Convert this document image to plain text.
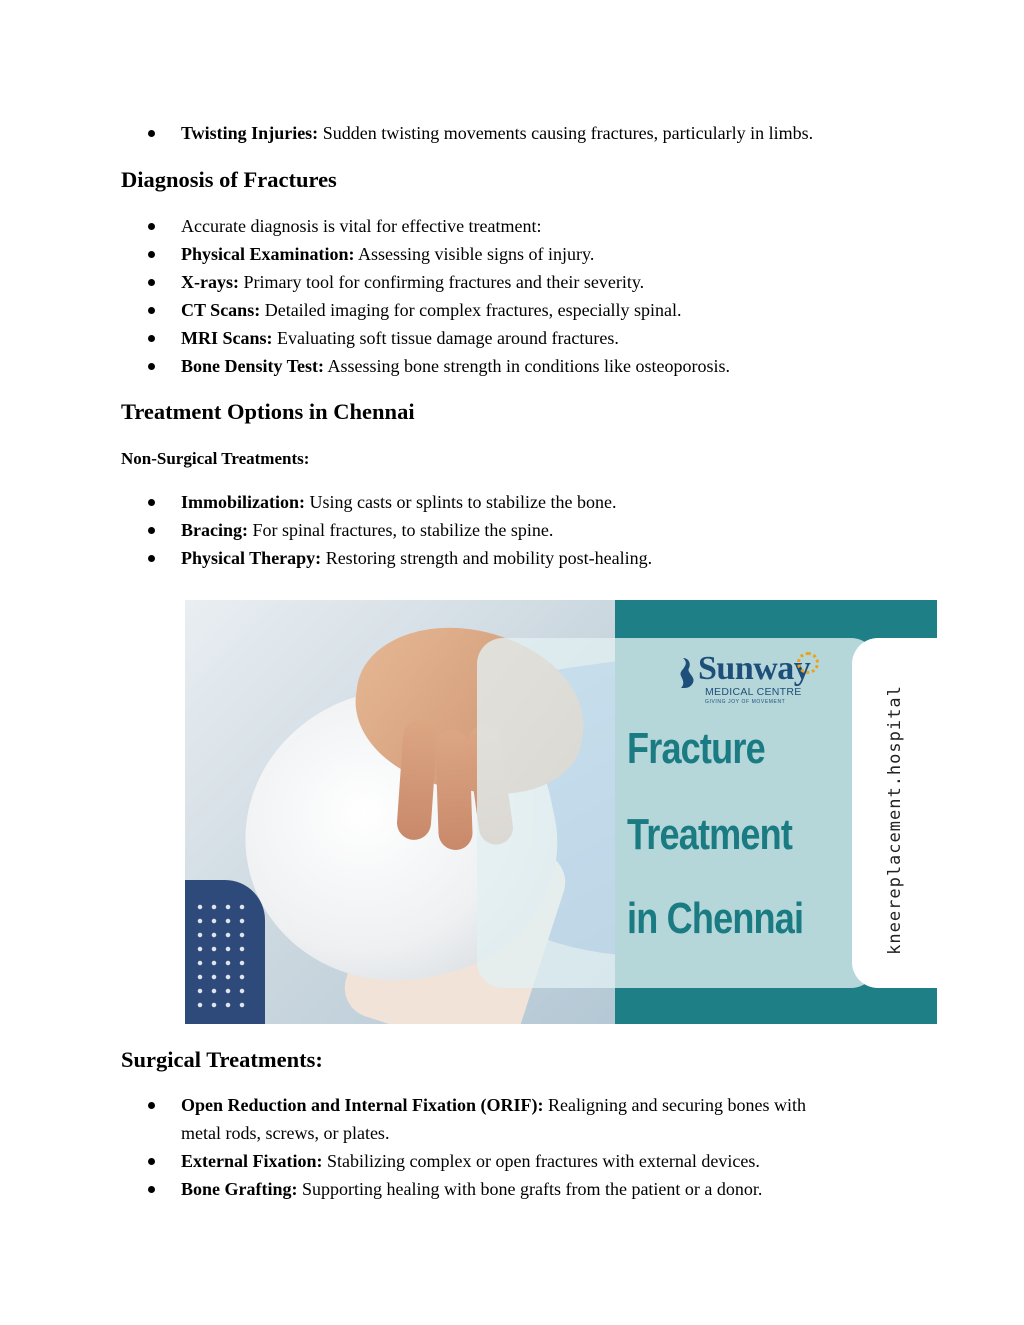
Twisting Injuries: Sudden twisting movements causing fractures, particularly in limbs.
Diagnosis of Fractures
Accurate diagnosis is vital for effective treatment:
Physical Examination: Assessing visible signs of injury.
X-rays: Primary tool for confirming fractures and their severity.
CT Scans: Detailed imaging for complex fractures, especially spinal.
MRI Scans: Evaluating soft tissue damage around fractures.
Bone Density Test: Assessing bone strength in conditions like osteoporosis.
Treatment Options in Chennai
Non-Surgical Treatments:
Immobilization: Using casts or splints to stabilize the bone.
Bracing: For spinal fractures, to stabilize the spine.
Physical Therapy: Restoring strength and mobility post-healing.
Sunway
MEDICAL CENTRE
GIVING JOY OF MOVEMENT
Fracture
Treatment
in Chennai	kneereplacement.hospital
Surgical Treatments:
Open Reduction and Internal Fixation (ORIF): Realigning and securing bones with
metal rods, screws, or plates.
External Fixation: Stabilizing complex or open fractures with external devices.
Bone Grafting: Supporting healing with bone grafts from the patient or a donor.
